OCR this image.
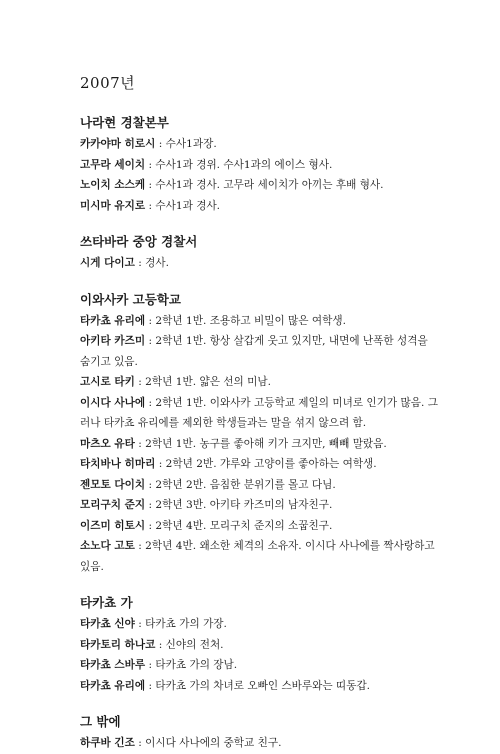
2007년
나라현 경찰본부

카카야마 히로시 : 수사1과장.

고무라 세이치 : 수사1과 경위. 수사1과의 에이스 형사.

노이치 소스케 : 수사1과 경사. 고무라 세이치가 아끼는 후배 형사.

미시마 유지로 : 수사1과 경사.

쓰타바라 중앙 경찰서

시게 다이고 : 경사.

이와사카 고등학교

타카쵸 유리에 : 2학년 1반. 조용하고 비밀이 많은 여학생.

아키타 카즈미 : 2학년 1반. 항상 살갑게 웃고 있지만, 내면에 난폭한 성격을 숨기고 있음.

고시로 타키 : 2학년 1반. 얇은 선의 미남.

이시다 사나에 : 2학년 1반. 이와사카 고등학교 제일의 미녀로 인기가 많음. 그러나 타카쵸 유리에를 제외한 학생들과는 말을 섞지 않으려 함.

마츠오 유타 : 2학년 1반. 농구를 좋아해 키가 크지만, 빼빼 말랐음.

타치바나 히마리 : 2학년 2반. 갸루와 고양이를 좋아하는 여학생.

젠모토 다이치 : 2학년 2반. 음침한 분위기를 몰고 다님.

모리구치 준지 : 2학년 3반. 아키타 카즈미의 남자친구.

이즈미 히토시 : 2학년 4반. 모리구치 준지의 소꿉친구.

소노다 고토 : 2학년 4반. 왜소한 체격의 소유자. 이시다 사나에를 짝사랑하고 있음.

타카쵸 가

타카쵸 신야 : 타카쵸 가의 가장.

타카토리 하나코 : 신야의 전처.

타카쵸 스바루 : 타카쵸 가의 장남.

타카쵸 유리에 : 타카쵸 가의 차녀로 오빠인 스바루와는 띠동갑.

그 밖에

하쿠바 긴조 : 이시다 사나에의 중학교 친구.
